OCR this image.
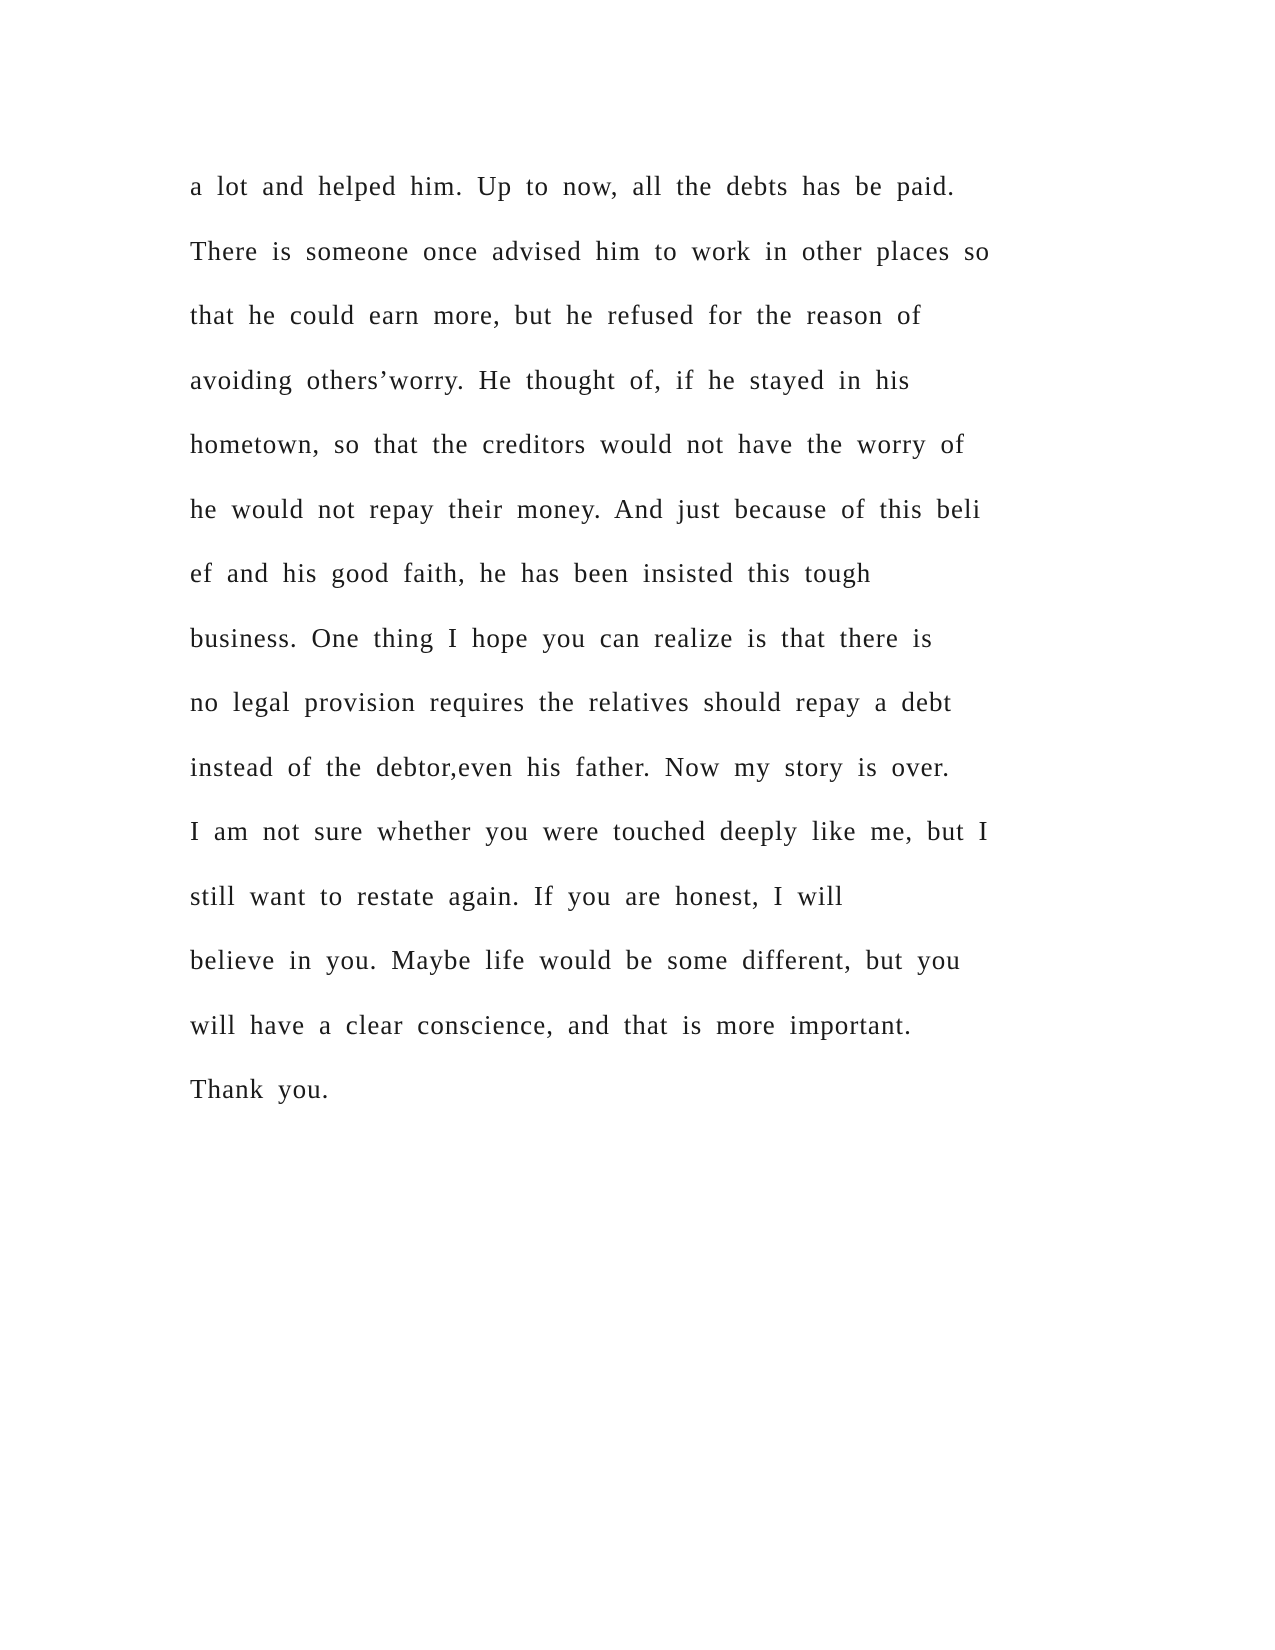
a lot and helped him. Up to now, all the debts has be paid.
There is someone once advised him to work in other places so
that he could earn more, but he refused for the reason of
avoiding others’worry. He thought of, if he stayed in his
hometown, so that the creditors would not have the worry of
he would not repay their money. And just because of this beli
ef and his good faith, he has been insisted this tough
business. One thing I hope you can realize is that there is
no legal provision requires the relatives should repay a debt
instead of the debtor,even his father. Now my story is over.
I am not sure whether you were touched deeply like me, but I
still want to restate again. If you are honest, I will
believe in you. Maybe life would be some different, but you
will have a clear conscience, and that is more important.
Thank you.
